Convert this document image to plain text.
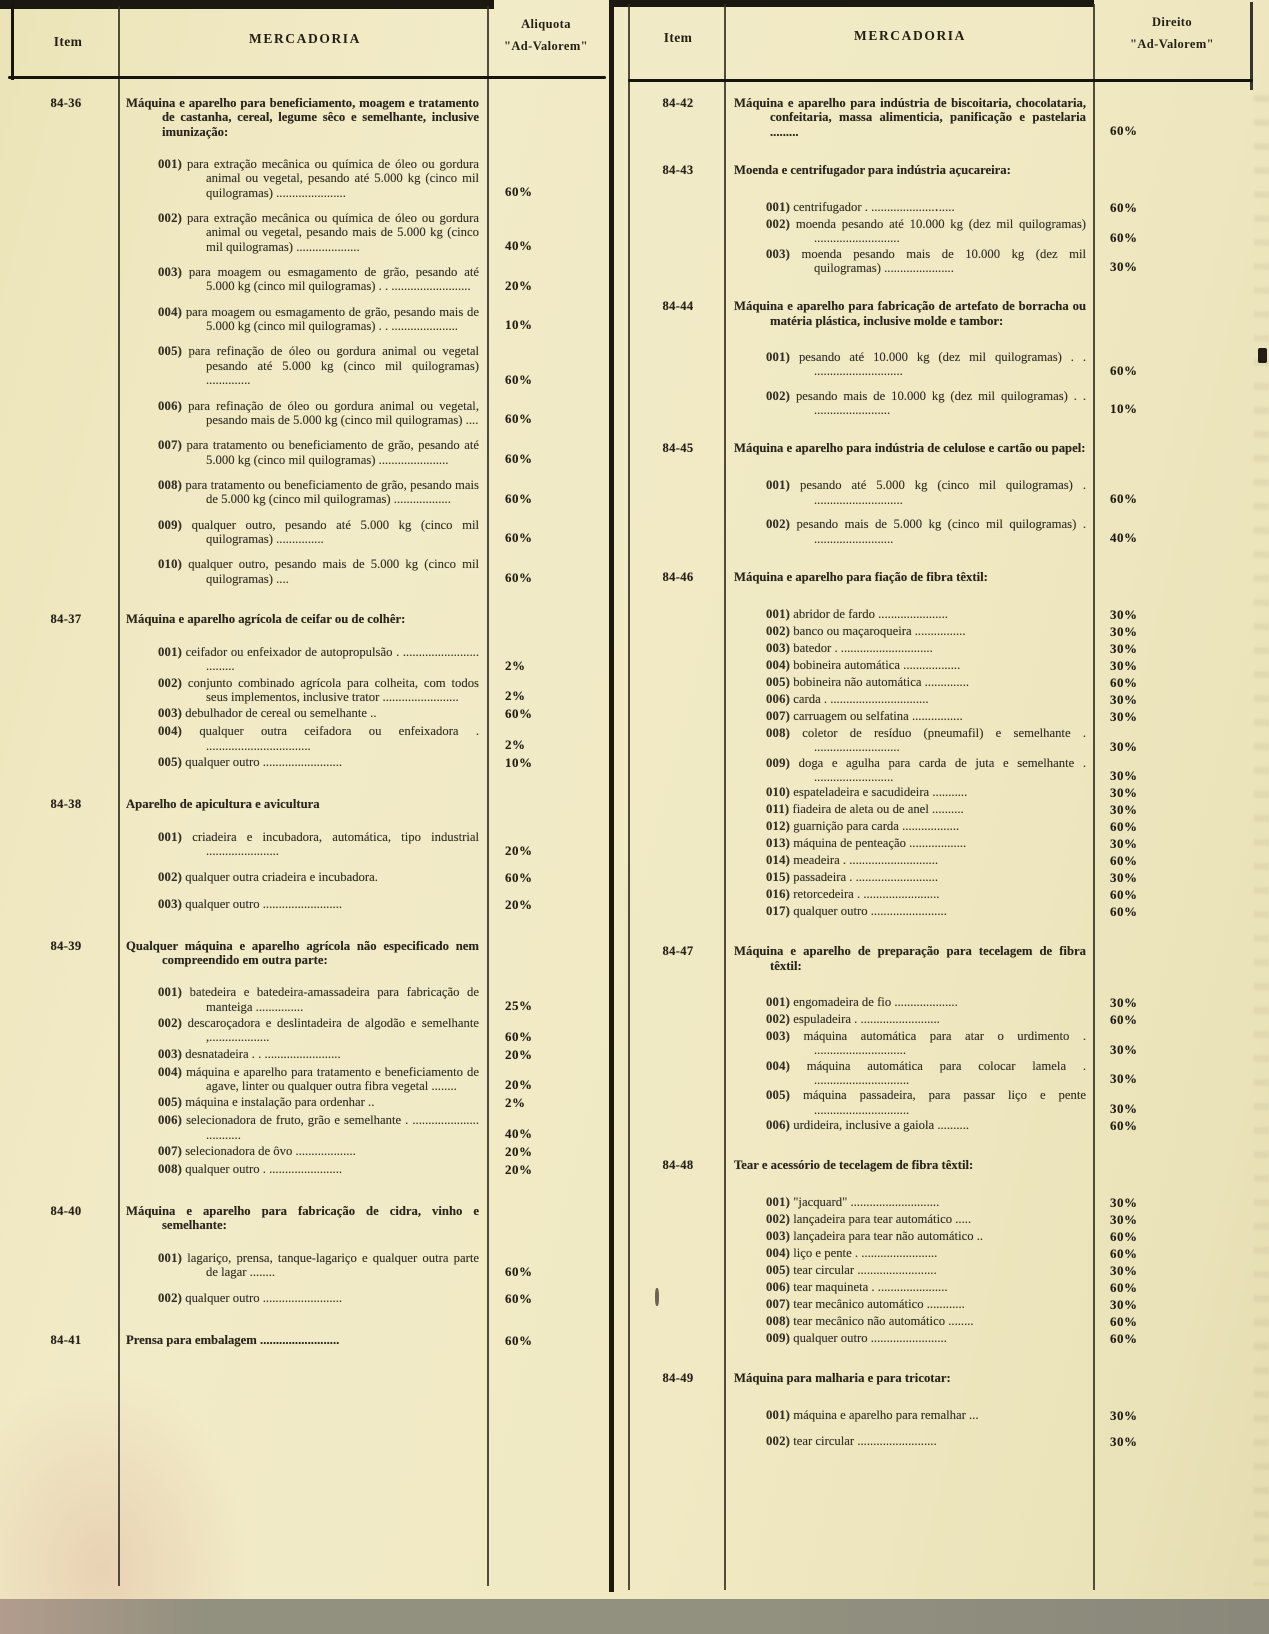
Item	MERCADORIA
Aliquota
"Ad-Valorem"
Item	MERCADORIA
Direito
"Ad-Valorem"
84-36	Máquina e aparelho para beneficiamento, moagem e tratamento de castanha, cereal, legume sêco e semelhante, inclusive imunização:
001) para extração mecânica ou química de óleo ou gordura animal ou vegetal, pesando até 5.000 kg (cinco mil quilogramas) ......................	60%
002) para extração mecânica ou química de óleo ou gordura animal ou vegetal, pesando mais de 5.000 kg (cinco mil quilogramas) ....................	40%
003) para moagem ou esmagamento de grão, pesando até 5.000 kg (cinco mil quilogramas) . . .........................	20%
004) para moagem ou esmagamento de grão, pesando mais de 5.000 kg (cinco mil quilogramas) . . .....................	10%
005) para refinação de óleo ou gordura animal ou vegetal pesando até 5.000 kg (cinco mil quilogramas) ..............	60%
006) para refinação de óleo ou gordura animal ou vegetal, pesando mais de 5.000 kg (cinco mil quilogramas) ....	60%
007) para tratamento ou beneficiamento de grão, pesando até 5.000 kg (cinco mil quilogramas) ......................	60%
008) para tratamento ou beneficiamento de grão, pesando mais de 5.000 kg (cinco mil quilogramas) ..................	60%
009) qualquer outro, pesando até 5.000 kg (cinco mil quilogramas) ...............	60%
010) qualquer outro, pesando mais de 5.000 kg (cinco mil quilogramas) ....	60%
84-37	Máquina e aparelho agrícola de ceifar ou de colhêr:
001) ceifador ou enfeixador de autopropulsão . ........................ .........	2%
002) conjunto combinado agrícola para colheita, com todos seus implementos, inclusive trator ........................	2%
003) debulhador de cereal ou semelhante ..	60%
004) qualquer outra ceifadora ou enfeixadora . .................................	2%
005) qualquer outro .........................	10%
84-38	Aparelho de apicultura e avicultura
001) criadeira e incubadora, automática, tipo industrial .......................	20%
002) qualquer outra criadeira e incubadora.	60%
003) qualquer outro .........................	20%
84-39	Qualquer máquina e aparelho agrícola não especificado nem compreendido em outra parte:
001) batedeira e batedeira-amassadeira para fabricação de manteiga ...............	25%
002) descaroçadora e deslintadeira de algodão e semelhante ,...................	60%
003) desnatadeira . . ........................	20%
004) máquina e aparelho para tratamento e beneficiamento de agave, linter ou qualquer outra fibra vegetal ........	20%
005) máquina e instalação para ordenhar ..	2%
006) selecionadora de fruto, grão e semelhante . ..................... ...........	40%
007) selecionadora de ôvo ...................	20%
008) qualquer outro . .......................	20%
84-40	Máquina e aparelho para fabricação de cidra, vinho e semelhante:
001) lagariço, prensa, tanque-lagariço e qualquer outra parte de lagar ........	60%
002) qualquer outro .........................	60%
84-41	Prensa para embalagem .........................	60%
84-42	Máquina e aparelho para indústria de biscoitaria, chocolataria, confeitaria, massa alimenticia, panificação e pastelaria .........	60%
84-43	Moenda e centrifugador para indústria açucareira:
001) centrifugador . ....................․.....	60%
002) moenda pesando até 10.000 kg (dez mil quilogramas) ...........................	60%
003) moenda pesando mais de 10.000 kg (dez mil quilogramas) ......................	30%
84-44	Máquina e aparelho para fabricação de artefato de borracha ou matéria plástica, inclusive molde e tambor:
001) pesando até 10.000 kg (dez mil quilogramas) . . ............................	60%
002) pesando mais de 10.000 kg (dez mil quilogramas) . . ........................	10%
84-45	Máquina e aparelho para indústria de celulose e cartão ou papel:
001) pesando até 5.000 kg (cinco mil quilogramas) . ............................	60%
002) pesando mais de 5.000 kg (cinco mil quilogramas) . .........................	40%
84-46	Máquina e aparelho para fiação de fibra têxtil:
001) abridor de fardo ......................	30%
002) banco ou maçaroqueira ................	30%
003) batedor . .............................	30%
004) bobineira automática ..................	30%
005) bobineira não automática ..............	60%
006) carda . ...............................	30%
007) carruagem ou selfatina ................	30%
008) coletor de resíduo (pneumafil) e semelhante . ...........................	30%
009) doga e agulha para carda de juta e semelhante . .........................	30%
010) espateladeira e sacudideira ...........	30%
011) fiadeira de aleta ou de anel ..........	30%
012) guarnição para carda ..................	60%
013) máquina de penteação ..................	30%
014) meadeira . ............................	60%
015) passadeira . ..........................	30%
016) retorcedeira . ........................	60%
017) qualquer outro ........................	60%
84-47	Máquina e aparelho de preparação para tecelagem de fibra têxtil:
001) engomadeira de fio ....................	30%
002) espuladeira . .........................	60%
003) máquina automática para atar o urdimento . .............................	30%
004) máquina automática para colocar lamela . ..............................	30%
005) máquina passadeira, para passar liço e pente ..............................	30%
006) urdideira, inclusive a gaiola ..........	60%
84-48	Tear e acessório de tecelagem de fibra têxtil:
001) "jacquard" ............................	30%
002) lançadeira para tear automático .....	30%
003) lançadeira para tear não automático ..	60%
004) liço e pente . ........................	60%
005) tear circular .........................	30%
006) tear maquineta . ......................	60%
007) tear mecânico automático ............	30%
008) tear mecânico não automático ........	60%
009) qualquer outro ........................	60%
84-49	Máquina para malharia e para tricotar:
001) máquina e aparelho para remalhar ...	30%
002) tear circular .........................	30%
